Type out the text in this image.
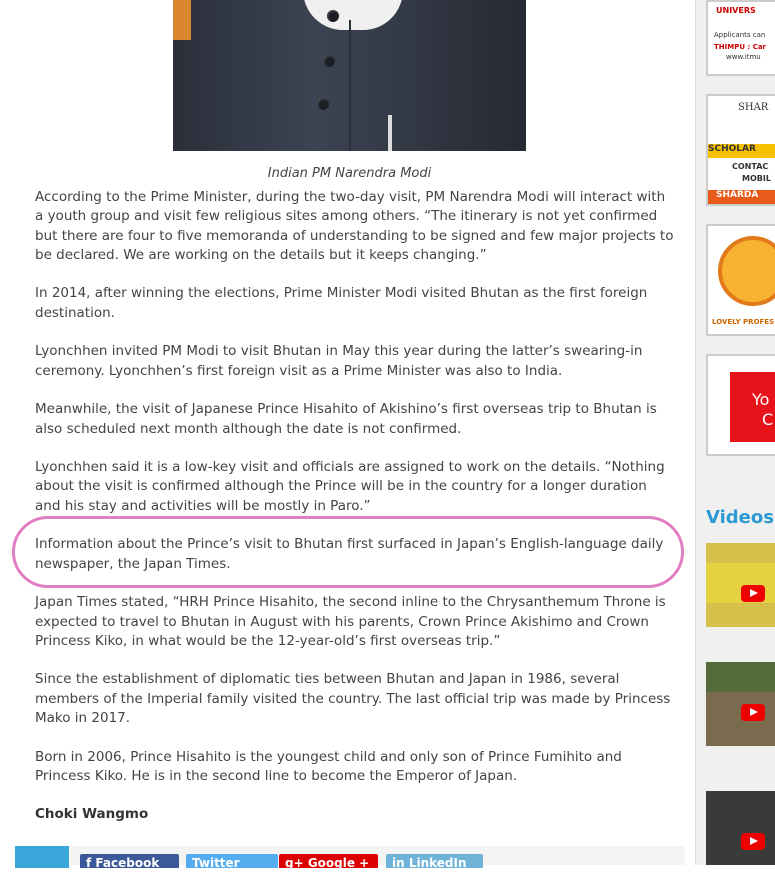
Indian PM Narendra Modi

According to the Prime Minister, during the two-day visit, PM Narendra Modi will interact with a youth group and visit few religious sites among others. “The itinerary is not yet confirmed but there are four to five memoranda of understanding to be signed and few major projects to be declared. We are working on the details but it keeps changing.”

In 2014, after winning the elections, Prime Minister Modi visited Bhutan as the first foreign destination.

Lyonchhen invited PM Modi to visit Bhutan in May this year during the latter’s swearing-in ceremony. Lyonchhen’s first foreign visit as a Prime Minister was also to India.

Meanwhile, the visit of Japanese Prince Hisahito of Akishino’s first overseas trip to Bhutan is also scheduled next month although the date is not confirmed.

Lyonchhen said it is a low-key visit and officials are assigned to work on the details. “Nothing about the visit is confirmed although the Prince will be in the country for a longer duration and his stay and activities will be mostly in Paro.”

Information about the Prince’s visit to Bhutan first surfaced in Japan’s English-language daily newspaper, the Japan Times.

Japan Times stated, “HRH Prince Hisahito, the second inline to the Chrysanthemum Throne is expected to travel to Bhutan in August with his parents, Crown Prince Akishimo and Crown Princess Kiko, in what would be the 12-year-old’s first overseas trip.”

Since the establishment of diplomatic ties between Bhutan and Japan in 1986, several members of the Imperial family visited the country. The last official trip was made by Princess Mako in 2017.

Born in 2006, Prince Hisahito is the youngest child and only son of Prince Fumihito and Princess Kiko. He is in the second line to become the Emperor of Japan.

Choki Wangmo
f Facebook	Twitter	g+ Google +	in LinkedIn
UNIVERS
Applicants can
THIMPU : Car
www.itmu
SHAR
SCHOLAR
CONTAC
MOBIL
SHARDA
LOVELY PROFES
Yo
C
Videos
